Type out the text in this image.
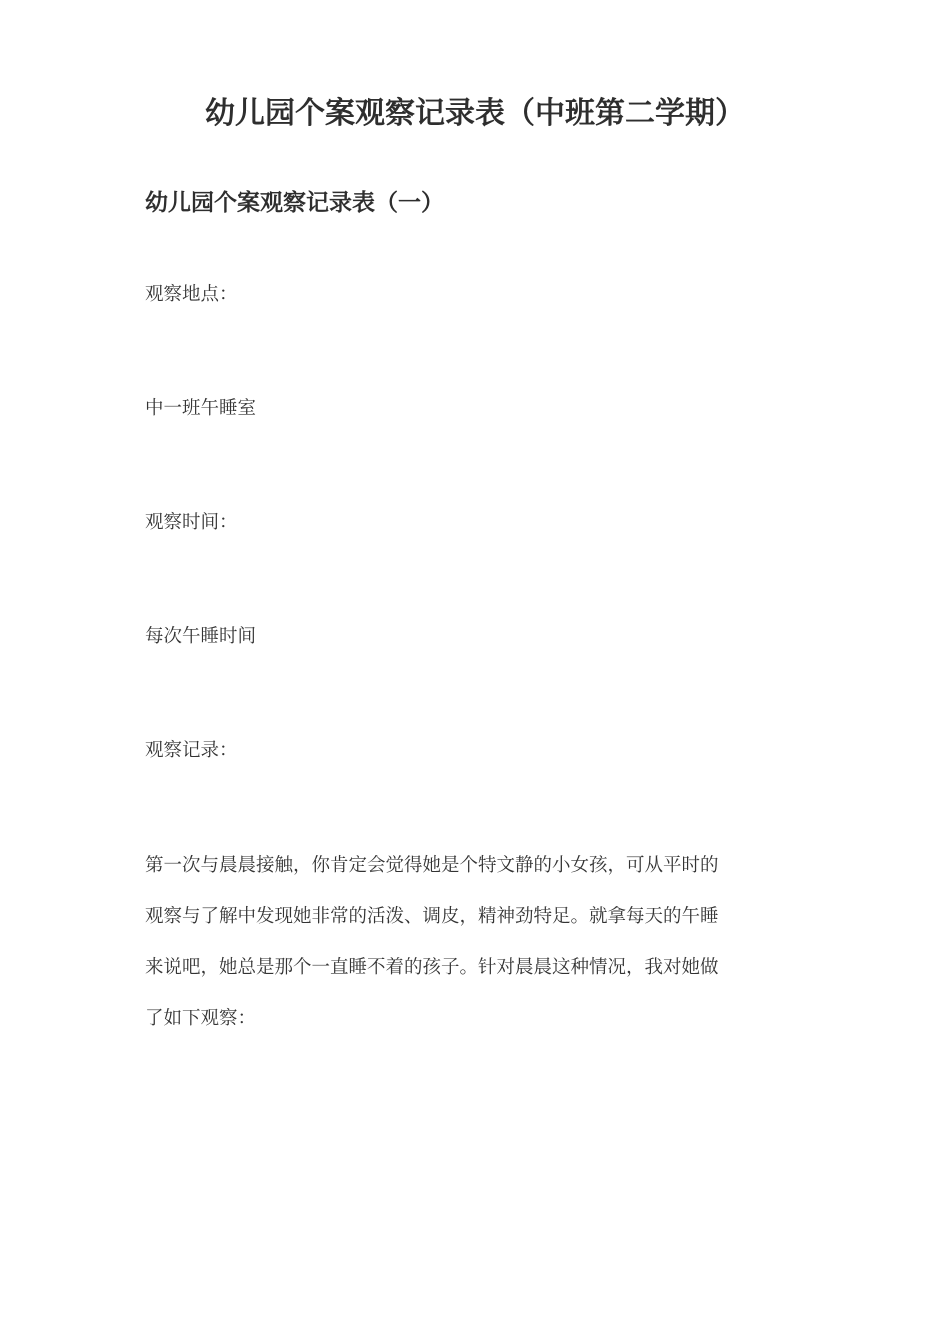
幼儿园个案观察记录表（中班第二学期）
幼儿园个案观察记录表（一）

观察地点：

中一班午睡室

观察时间：

每次午睡时间

观察记录：

第一次与晨晨接触，你肯定会觉得她是个特文静的小女孩，可从平时的
观察与了解中发现她非常的活泼、调皮，精神劲特足。就拿每天的午睡
来说吧，她总是那个一直睡不着的孩子。针对晨晨这种情况，我对她做
了如下观察：
